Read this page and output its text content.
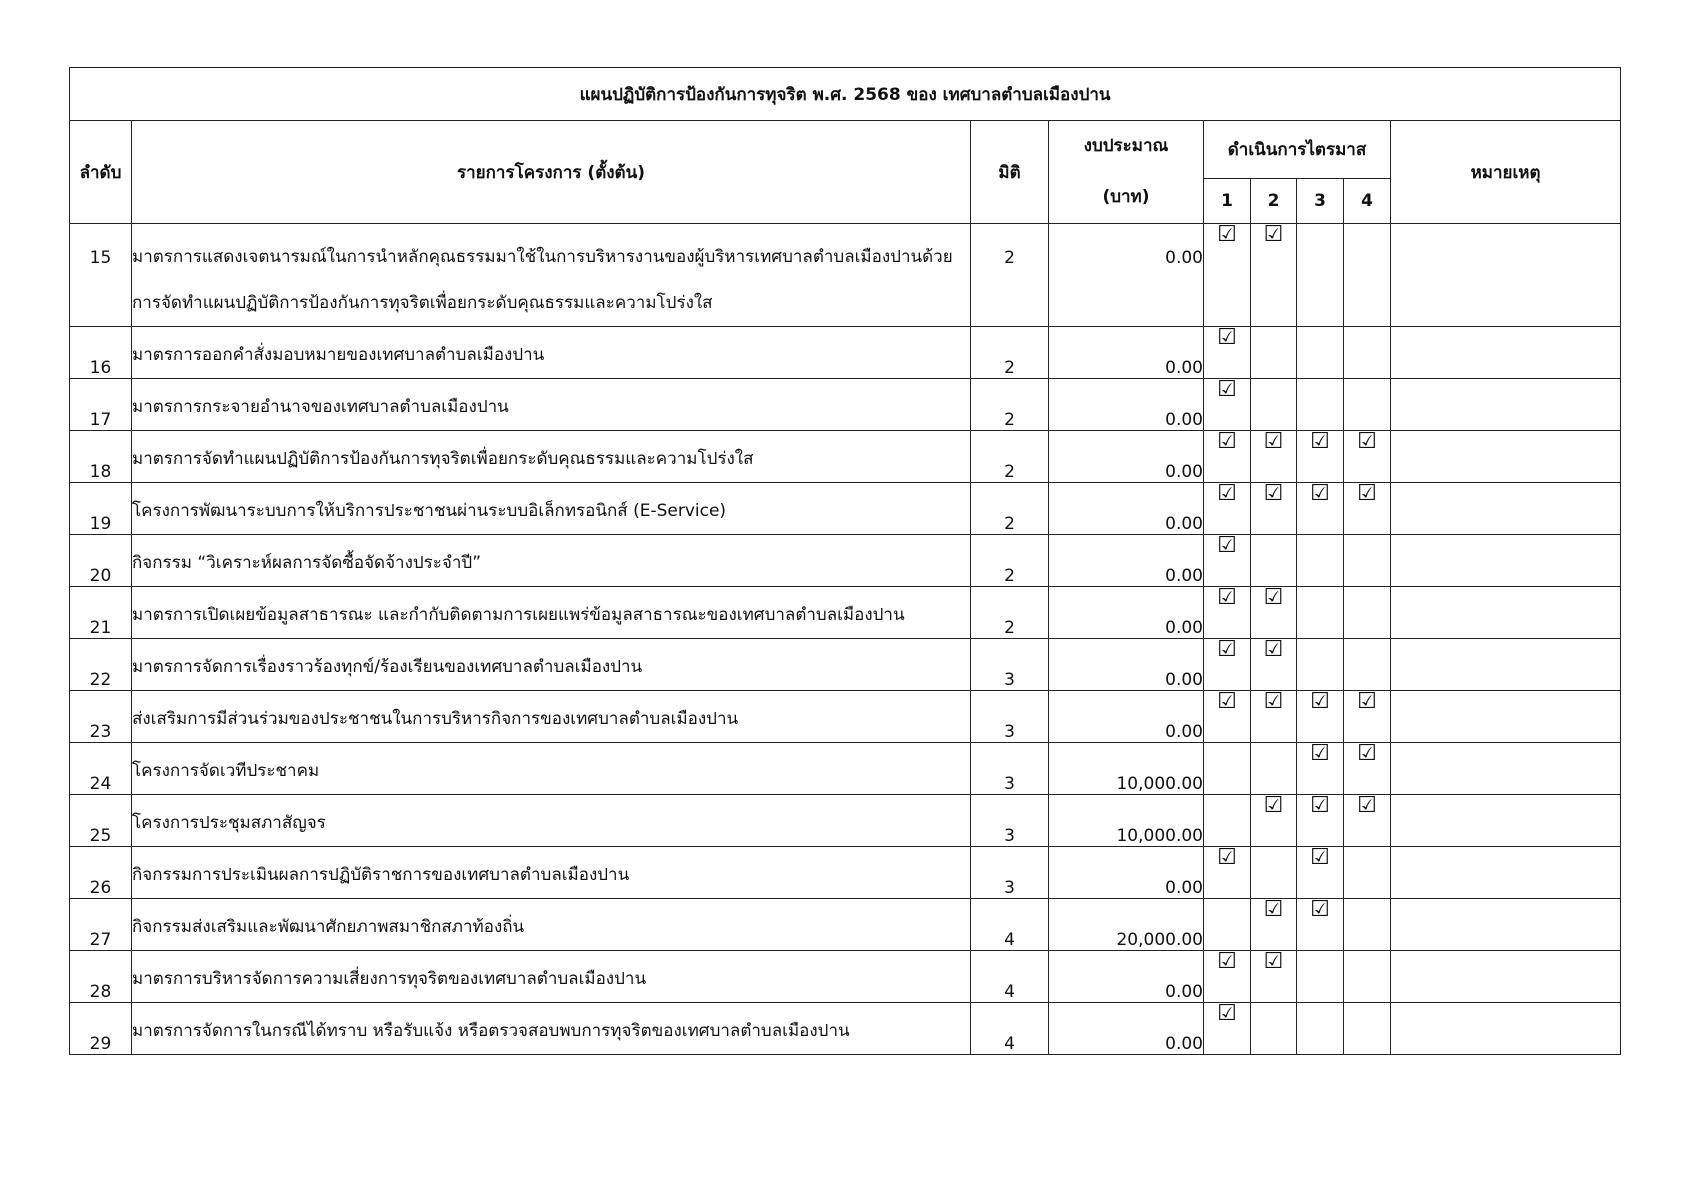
แผนปฏิบัติการป้องกันการทุจริต พ.ศ. 2568 ของ เทศบาลตำบลเมืองปาน								
ลำดับ	รายการโครงการ (ตั้งต้น)	มิติ	งบประมาณ
(บาท)	ดำเนินการไตรมาส				หมายเหตุ
				1	2	3	4	
15	มาตรการแสดงเจตนารมณ์ในการนำหลักคุณธรรมมาใช้ในการบริหารงานของผู้บริหารเทศบาลตำบลเมืองปานด้วยการจัดทำแผนปฏิบัติการป้องกันการทุจริตเพื่อยกระดับคุณธรรมและความโปร่งใส	2	0.00	☑	☑			
16	มาตรการออกคำสั่งมอบหมายของเทศบาลตำบลเมืองปาน	2	0.00	☑				
17	มาตรการกระจายอำนาจของเทศบาลตำบลเมืองปาน	2	0.00	☑				
18	มาตรการจัดทำแผนปฏิบัติการป้องกันการทุจริตเพื่อยกระดับคุณธรรมและความโปร่งใส	2	0.00	☑	☑	☑	☑	
19	โครงการพัฒนาระบบการให้บริการประชาชนผ่านระบบอิเล็กทรอนิกส์ (E-Service)	2	0.00	☑	☑	☑	☑	
20	กิจกรรม “วิเคราะห์ผลการจัดซื้อจัดจ้างประจำปี”	2	0.00	☑				
21	มาตรการเปิดเผยข้อมูลสาธารณะ และกำกับติดตามการเผยแพร่ข้อมูลสาธารณะของเทศบาลตำบลเมืองปาน	2	0.00	☑	☑			
22	มาตรการจัดการเรื่องราวร้องทุกข์/ร้องเรียนของเทศบาลตำบลเมืองปาน	3	0.00	☑	☑			
23	ส่งเสริมการมีส่วนร่วมของประชาชนในการบริหารกิจการของเทศบาลตำบลเมืองปาน	3	0.00	☑	☑	☑	☑	
24	โครงการจัดเวทีประชาคม	3	10,000.00			☑	☑	
25	โครงการประชุมสภาสัญจร	3	10,000.00		☑	☑	☑	
26	กิจกรรมการประเมินผลการปฏิบัติราชการของเทศบาลตำบลเมืองปาน	3	0.00	☑		☑		
27	กิจกรรมส่งเสริมและพัฒนาศักยภาพสมาชิกสภาท้องถิ่น	4	20,000.00		☑	☑		
28	มาตรการบริหารจัดการความเสี่ยงการทุจริตของเทศบาลตำบลเมืองปาน	4	0.00	☑	☑			
29	มาตรการจัดการในกรณีได้ทราบ หรือรับแจ้ง หรือตรวจสอบพบการทุจริตของเทศบาลตำบลเมืองปาน	4	0.00	☑				
